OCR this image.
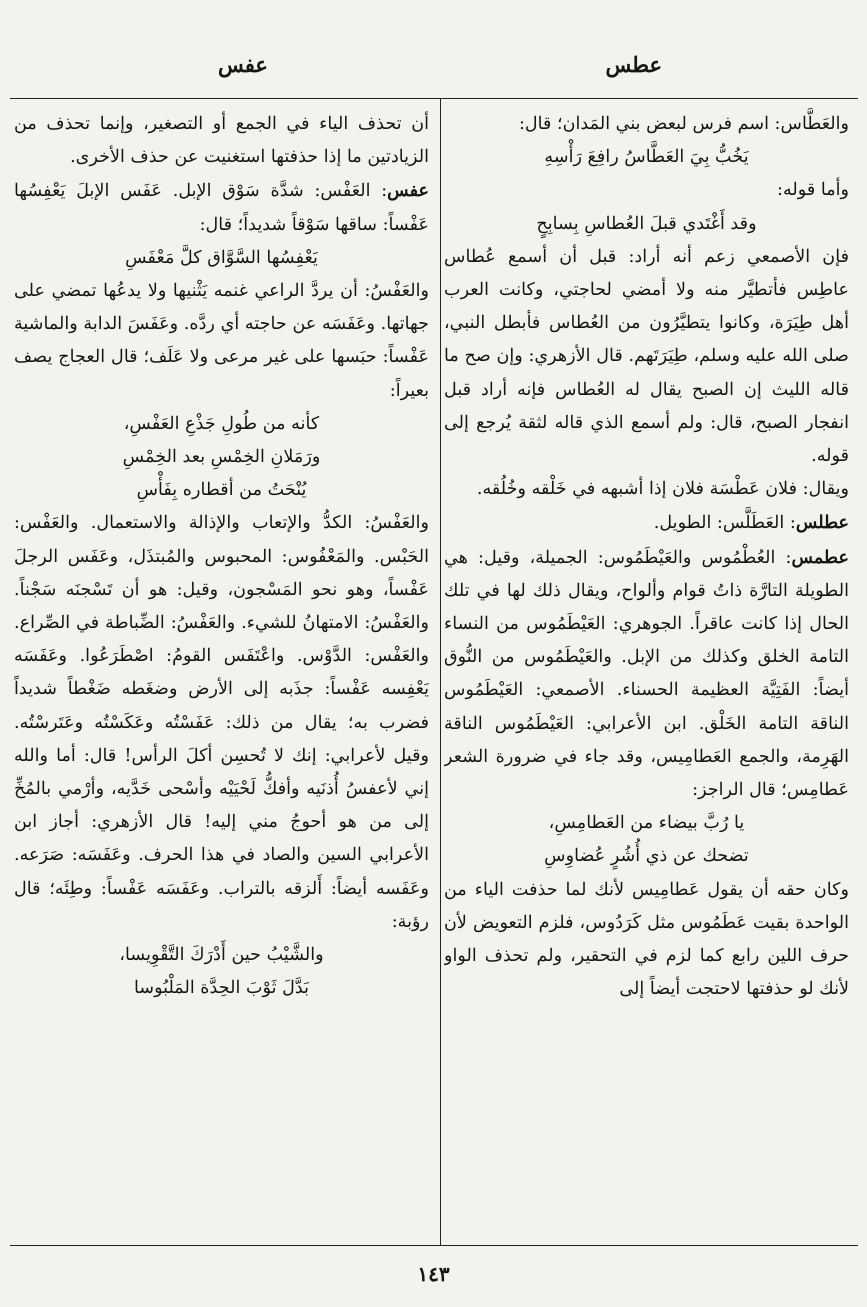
عطس
عفس

والعَطَّاس: اسم فرس لبعض بني المَدان؛ قال:

يَخُبُّ بِيَ العَطَّاسُ رافِعَ رَأْسِهِ

وأما قوله:

وقد أَغْتَدي قبلَ العُطاسِ بِسابِحٍ

فإن الأصمعي زعم أنه أراد: قبل أن أسمع عُطاس عاطِس فأتطيَّر منه ولا أمضي لحاجتي، وكانت العرب أهل طِيَرَة، وكانوا يتطيَّرُون من العُطاس فأبطل النبي، صلى الله عليه وسلم، طِيَرَتَهم. قال الأزهري: وإن صح ما قاله الليث إن الصبح يقال له العُطاس فإنه أراد قبل انفجار الصبح، قال: ولم أسمع الذي قاله لثقة يُرجع إلى قوله.

ويقال: فلان عَطْسَة فلان إذا أشبهه في خَلْقه وخُلُقه.

عطلس: العَطَلَّس: الطويل.

عطمس: العُطْمُوس والعَيْطَمُوس: الجميلة، وقيل: هي الطويلة التارَّة ذاتُ قوام وألواح، ويقال ذلك لها في تلك الحال إذا كانت عاقراً. الجوهري: العَيْطَمُوس من النساء التامة الخلق وكذلك من الإبل. والعَيْطَمُوس من النُّوق أيضاً: الفَتِيَّة العظيمة الحسناء. الأصمعي: العَيْطَمُوس الناقة التامة الخَلْق. ابن الأعرابي: العَيْطَمُوس الناقة الهَرِمة، والجمع العَطامِيس، وقد جاء في ضرورة الشعر عَطامِس؛ قال الراجز:

يا رُبَّ بيضاء من العَطامِسِ،

تضحك عن ذي أُشُرٍ عُضاوِسِ

وكان حقه أن يقول عَطامِيس لأنك لما حذفت الياء من الواحدة بقيت عَطَمُوس مثل كَرَدُوس، فلزم التعويض لأن حرف اللين رابع كما لزم في التحقير، ولم تحذف الواو لأنك لو حذفتها لاحتجت أيضاً إلى

أن تحذف الياء في الجمع أو التصغير، وإنما تحذف من الزيادتين ما إذا حذفتها استغنيت عن حذف الأخرى.

عفس: العَفْس: شدَّة سَوْق الإبل. عَفَس الإبلَ يَعْفِسُها عَفْساً: ساقها سَوْقاً شديداً؛ قال:

يَعْفِسُها السَّوَّاق كلَّ مَعْفَسِ

والعَفْسُ: أن يردَّ الراعي غنمه يَثْنيها ولا يدعُها تمضي على جهاتها. وعَفَسَه عن حاجته أي ردَّه. وعَفَسَ الدابة والماشية عَفْساً: حبَسها على غير مرعى ولا عَلَف؛ قال العجاج يصف بعيراً:

كأنه من طُولِ جَذْعِ العَفْسِ،

ورَمَلانِ الخِمْسِ بعد الخِمْسِ

يُنْحَتُ من أقطاره بِفَأْسِ

والعَفْسُ: الكدُّ والإتعاب والإذالة والاستعمال. والعَفْس: الحَبْس. والمَعْفُوس: المحبوس والمُبتذَل، وعَفَس الرجلَ عَفْساً، وهو نحو المَسْجون، وقيل: هو أن تَسْجنَه سَجْناً. والعَفْسُ: الامتهانُ للشيء. والعَفْسُ: الضِّباطة في الصِّراع. والعَفْس: الدَّوْس. واعْتَفَس القومُ: اصْطَرَعُوا. وعَفَسَه يَعْفِسه عَفْساً: جذَبه إلى الأرض وضغَطه ضَغْطاً شديداً فضرب به؛ يقال من ذلك: عَفَسْتُه وعَكَسْتُه وعَتَرسْتُه. وقيل لأعرابي: إنك لا تُحسِن أكلَ الرأس! قال: أما والله إني لأعفسُ أُذنَيه وأفكُّ لَحْيَيْه وأسْحى خَدَّيه، وأرْمي بالمُخِّ إلى من هو أحوجُ مني إليه! قال الأزهري: أجاز ابن الأعرابي السين والصاد في هذا الحرف. وعَفَسَه: صَرَعه. وعَفَسه أيضاً: أَلزقه بالتراب. وعَفَسَه عَفْساً: وطِئَه؛ قال رؤبة:

والشَّيْبُ حين أَدْرَكَ التَّقْوِيسا،

بَدَّلَ ثَوْبَ الحِدَّة المَلْبُوسا

١٤٣
